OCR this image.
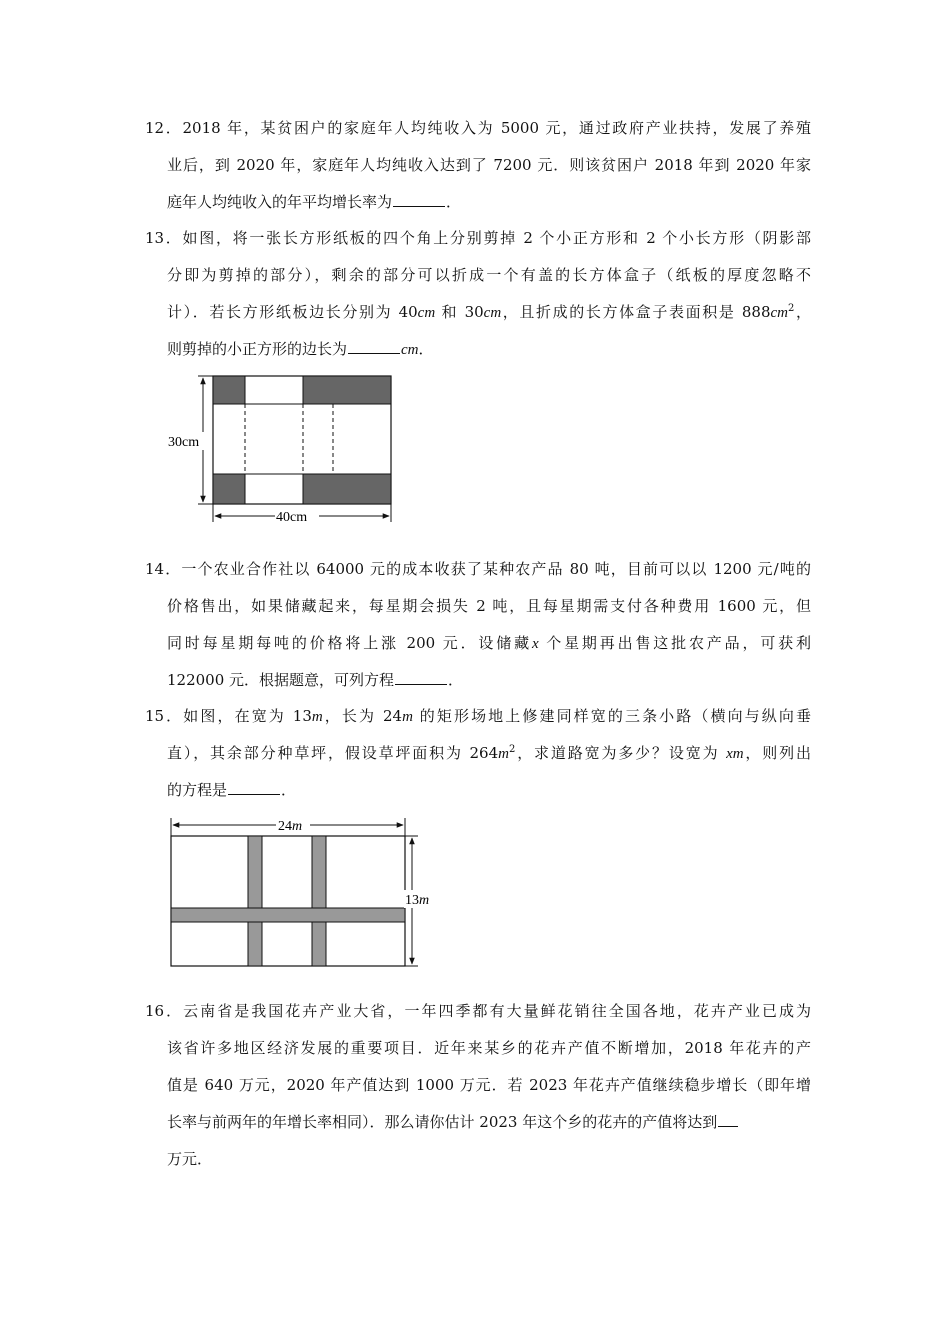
12．2018 年，某贫困户的家庭年人均纯收入为 5000 元，通过政府产业扶持，发展了养殖
业后，到 2020 年，家庭年人均纯收入达到了 7200 元．则该贫困户 2018 年到 2020 年家
庭年人均纯收入的年平均增长率为	．
13．如图，将一张长方形纸板的四个角上分别剪掉 2 个小正方形和 2 个小长方形（阴影部
分即为剪掉的部分），剩余的部分可以折成一个有盖的长方体盒子（纸板的厚度忽略不
计）．若长方形纸板边长分别为 40cm 和 30cm，且折成的长方体盒子表面积是 $888cm^2$，
则剪掉的小正方形的边长为	cm．
30cm
40cm
14．一个农业合作社以 64000 元的成本收获了某种农产品 80 吨，目前可以以 1200 元/吨的
价格售出，如果储藏起来，每星期会损失 2 吨，且每星期需支付各种费用 1600 元，但
同时每星期每吨的价格将上涨 200 元．设储藏x 个星期再出售这批农产品，可获利
122000 元．根据题意，可列方程	．
15．如图，在宽为 13m，长为 24m 的矩形场地上修建同样宽的三条小路（横向与纵向垂
直），其余部分种草坪，假设草坪面积为 $264m^2$，求道路宽为多少？设宽为 xm，则列出
的方程是	．
24m
13m
16．云南省是我国花卉产业大省，一年四季都有大量鲜花销往全国各地，花卉产业已成为
该省许多地区经济发展的重要项目．近年来某乡的花卉产值不断增加，2018 年花卉的产
值是 640 万元，2020 年产值达到 1000 万元．若 2023 年花卉产值继续稳步增长（即年增
长率与前两年的年增长率相同）．那么请你估计 2023 年这个乡的花卉的产值将达到
万元．
